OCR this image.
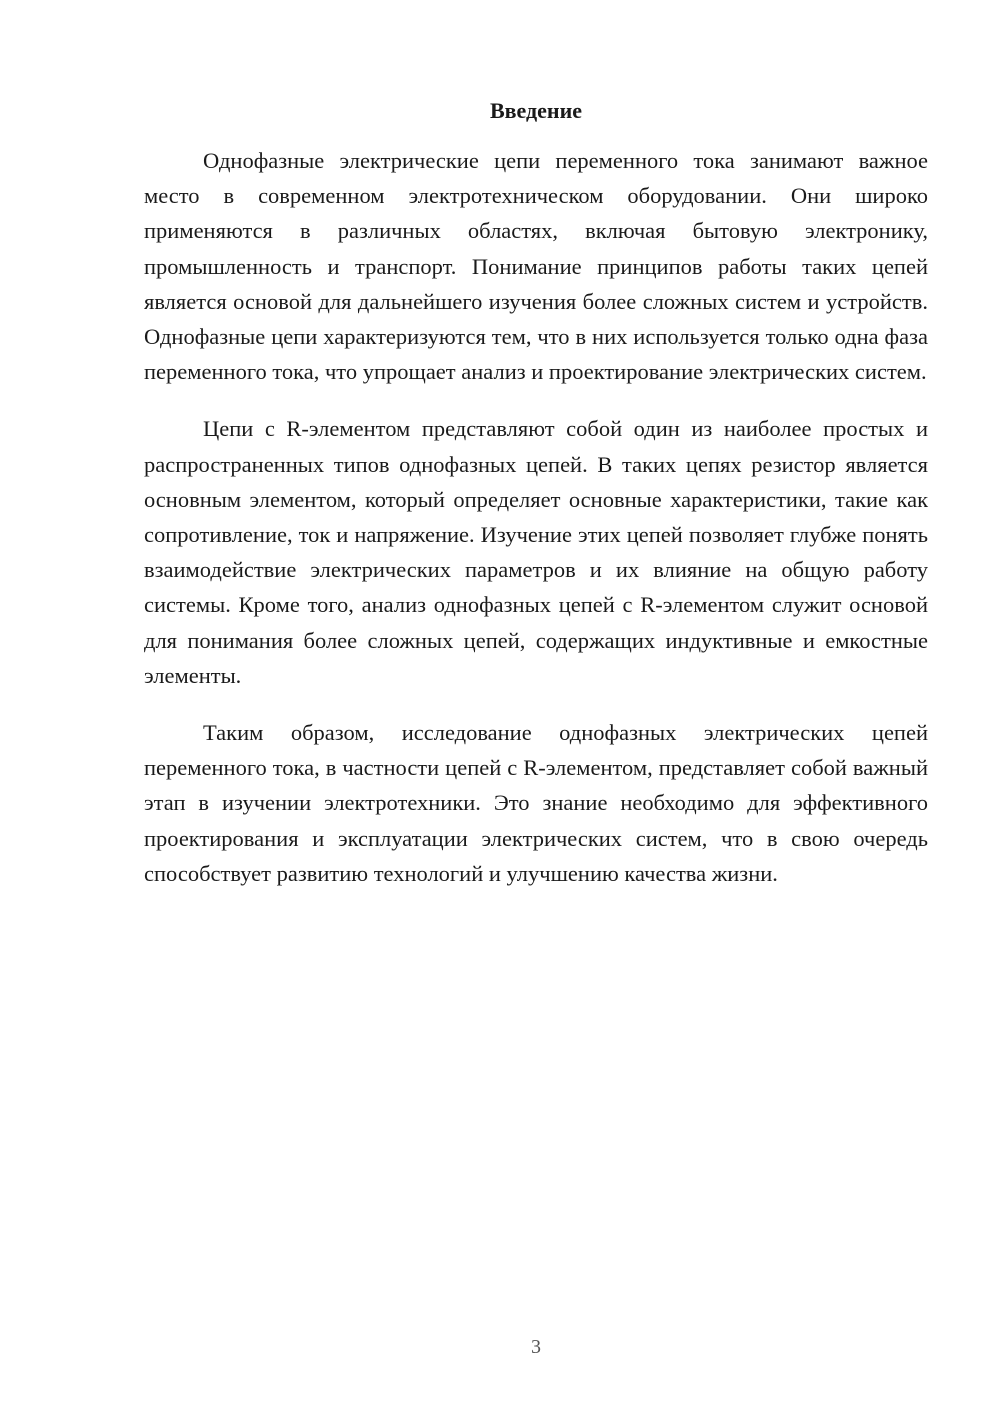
Введение

Однофазные электрические цепи переменного тока занимают важное место в современном электротехническом оборудовании. Они широко применяются в различных областях, включая бытовую электронику, промышленность и транспорт. Понимание принципов работы таких цепей является основой для дальнейшего изучения более сложных систем и устройств. Однофазные цепи характеризуются тем, что в них используется только одна фаза переменного тока, что упрощает анализ и проектирование электрических систем.

Цепи с R-элементом представляют собой один из наиболее простых и распространенных типов однофазных цепей. В таких цепях резистор является основным элементом, который определяет основные характеристики, такие как сопротивление, ток и напряжение. Изучение этих цепей позволяет глубже понять взаимодействие электрических параметров и их влияние на общую работу системы. Кроме того, анализ однофазных цепей с R-элементом служит основой для понимания более сложных цепей, содержащих индуктивные и емкостные элементы.

Таким образом, исследование однофазных электрических цепей переменного тока, в частности цепей с R-элементом, представляет собой важный этап в изучении электротехники. Это знание необходимо для эффективного проектирования и эксплуатации электрических систем, что в свою очередь способствует развитию технологий и улучшению качества жизни.

3
